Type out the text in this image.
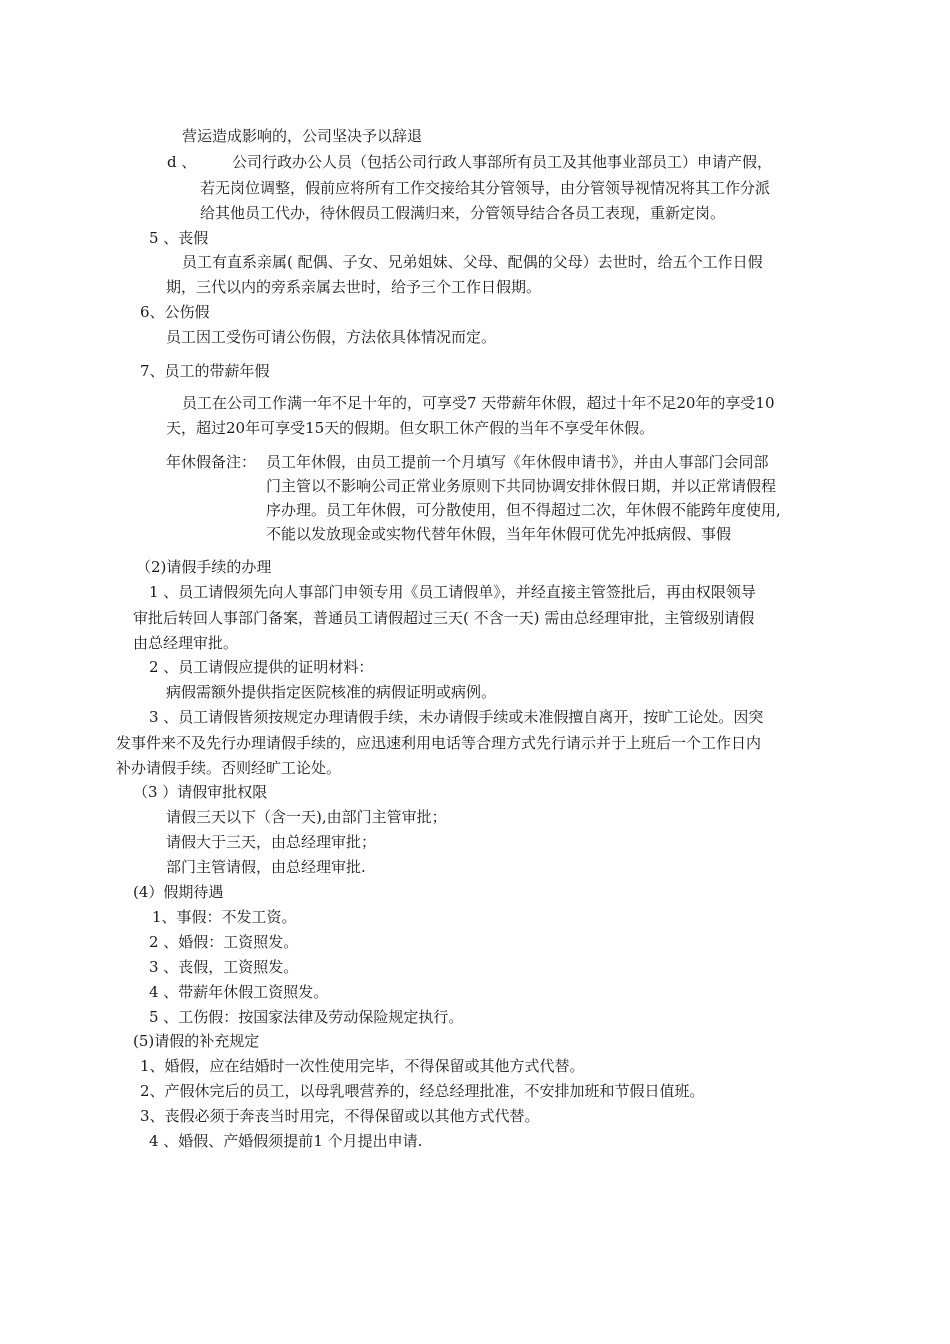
营运造成影响的，公司坚决予以辞退
d 、 公司行政办公人员（包括公司行政人事部所有员工及其他事业部员工）申请产假，
若无岗位调整，假前应将所有工作交接给其分管领导，由分管领导视情况将其工作分派
给其他员工代办，待休假员工假满归来，分管领导结合各员工表现，重新定岗。
5 、丧假
员工有直系亲属( 配偶、子女、兄弟姐妹、父母、配偶的父母）去世时，给五个工作日假
期，三代以内的旁系亲属去世时，给予三个工作日假期。
6、公伤假
员工因工受伤可请公伤假，方法依具体情况而定。
7、员工的带薪年假
员工在公司工作满一年不足十年的，可享受7 天带薪年休假，超过十年不足20年的享受10
天，超过20年可享受15天的假期。但女职工休产假的当年不享受年休假。
年休假备注： 员工年休假，由员工提前一个月填写《年休假申请书》，并由人事部门会同部
门主管以不影响公司正常业务原则下共同协调安排休假日期，并以正常请假程
序办理。员工年休假，可分散使用，但不得超过二次，年休假不能跨年度使用,
不能以发放现金或实物代替年休假，当年年休假可优先冲抵病假、事假
（2)请假手续的办理
1 、员工请假须先向人事部门申领专用《员工请假单》，并经直接主管签批后，再由权限领导
审批后转回人事部门备案，普通员工请假超过三天( 不含一天) 需由总经理审批，主管级别请假
由总经理审批。
2 、员工请假应提供的证明材料：
病假需额外提供指定医院核准的病假证明或病例。
3 、员工请假皆须按规定办理请假手续，未办请假手续或未准假擅自离开，按旷工论处。因突
发事件来不及先行办理请假手续的，应迅速利用电话等合理方式先行请示并于上班后一个工作日内
补办请假手续。否则经旷工论处。
（3 ）请假审批权限
请假三天以下（含一天),由部门主管审批；
请假大于三天，由总经理审批；
部门主管请假，由总经理审批.
(4）假期待遇
1、事假：不发工资。
2 、婚假：工资照发。
3 、丧假，工资照发。
4 、带薪年休假工资照发。
5 、工伤假：按国家法律及劳动保险规定执行。
(5)请假的补充规定
1、婚假，应在结婚时一次性使用完毕，不得保留或其他方式代替。
2、产假休完后的员工，以母乳喂营养的，经总经理批准，不安排加班和节假日值班。
3、丧假必须于奔丧当时用完，不得保留或以其他方式代替。
4 、婚假、产婚假须提前1 个月提出申请.
